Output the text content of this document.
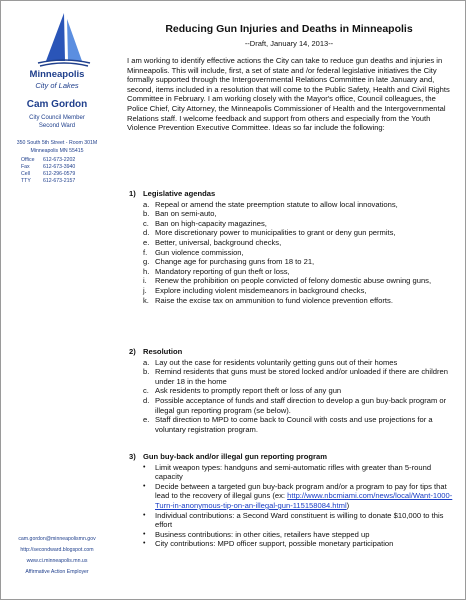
Minneapolis
City of Lakes
Cam Gordon
City Council Member
Second Ward
350 South 5th Street - Room 301M
Minneapolis MN 55415
Office	612-673-2202
Fax	612-673-3940
Cell	612-296-0579
TTY	612-673-2157
cam.gordon@minneapolismn.gov
http://secondward.blogspot.com
www.ci.minneapolis.mn.us
Affirmative Action Employer
Reducing Gun Injuries and Deaths in Minneapolis
--Draft, January 14, 2013--
I am working to identify effective actions the City can take to reduce gun deaths and injuries in Minneapolis. This will include, first, a set of state and /or federal legislative initiatives the City formally supported through the Intergovernmental Relations Committee in late January and, second, items included in a resolution that will come to the Public Safety, Health and Civil Rights Committee in February. I am working closely with the Mayor's office, Council colleagues, the Police Chief, City Attorney, the Minneapolis Commissioner of Health and the Intergovernmental Relations staff. I welcome feedback and support from others and especially from the Youth Violence Prevention Executive Committee. Ideas so far include the following:
1) Legislative agendas
a. Repeal or amend the state preemption statute to allow local innovations,
b. Ban on semi-auto,
c. Ban on high-capacity magazines,
d. More discretionary power to municipalities to grant or deny gun permits,
e. Better, universal, background checks,
f.	Gun violence commission,
g. Change age for purchasing guns from 18 to 21,
h. Mandatory reporting of gun theft or loss,
i.	Renew the prohibition on people convicted of felony domestic abuse owning guns,
j.	Explore including violent misdemeanors in background checks,
k. Raise the excise tax on ammunition to fund violence prevention efforts.
2) Resolution
a. Lay out the case for residents voluntarily getting guns out of their homes
b. Remind residents that guns must be stored locked and/or unloaded if there are children under 18 in the home
c. Ask residents to promptly report theft or loss of any gun
d. Possible acceptance of funds and staff direction to develop a gun buy-back program or illegal gun reporting program (se below).
e. Staff direction to MPD to come back to Council with costs and use projections for a voluntary registration program.
3) Gun buy-back and/or illegal gun reporting program
•	Limit weapon types: handguns and semi-automatic rifles with greater than 5-round capacity
•	Decide between a targeted gun buy-back program and/or a program to pay for tips that lead to the recovery of illegal guns (ex: http://www.nbcmiami.com/news/local/Want-1000-Turn-in-anonymous-tip-on-an-illegal-gun-115158084.html)
•	Individual contributions: a Second Ward constituent is willing to donate $10,000 to this effort
•	Business contributions: in other cities, retailers have stepped up
•	City contributions: MPD officer support, possible monetary participation
